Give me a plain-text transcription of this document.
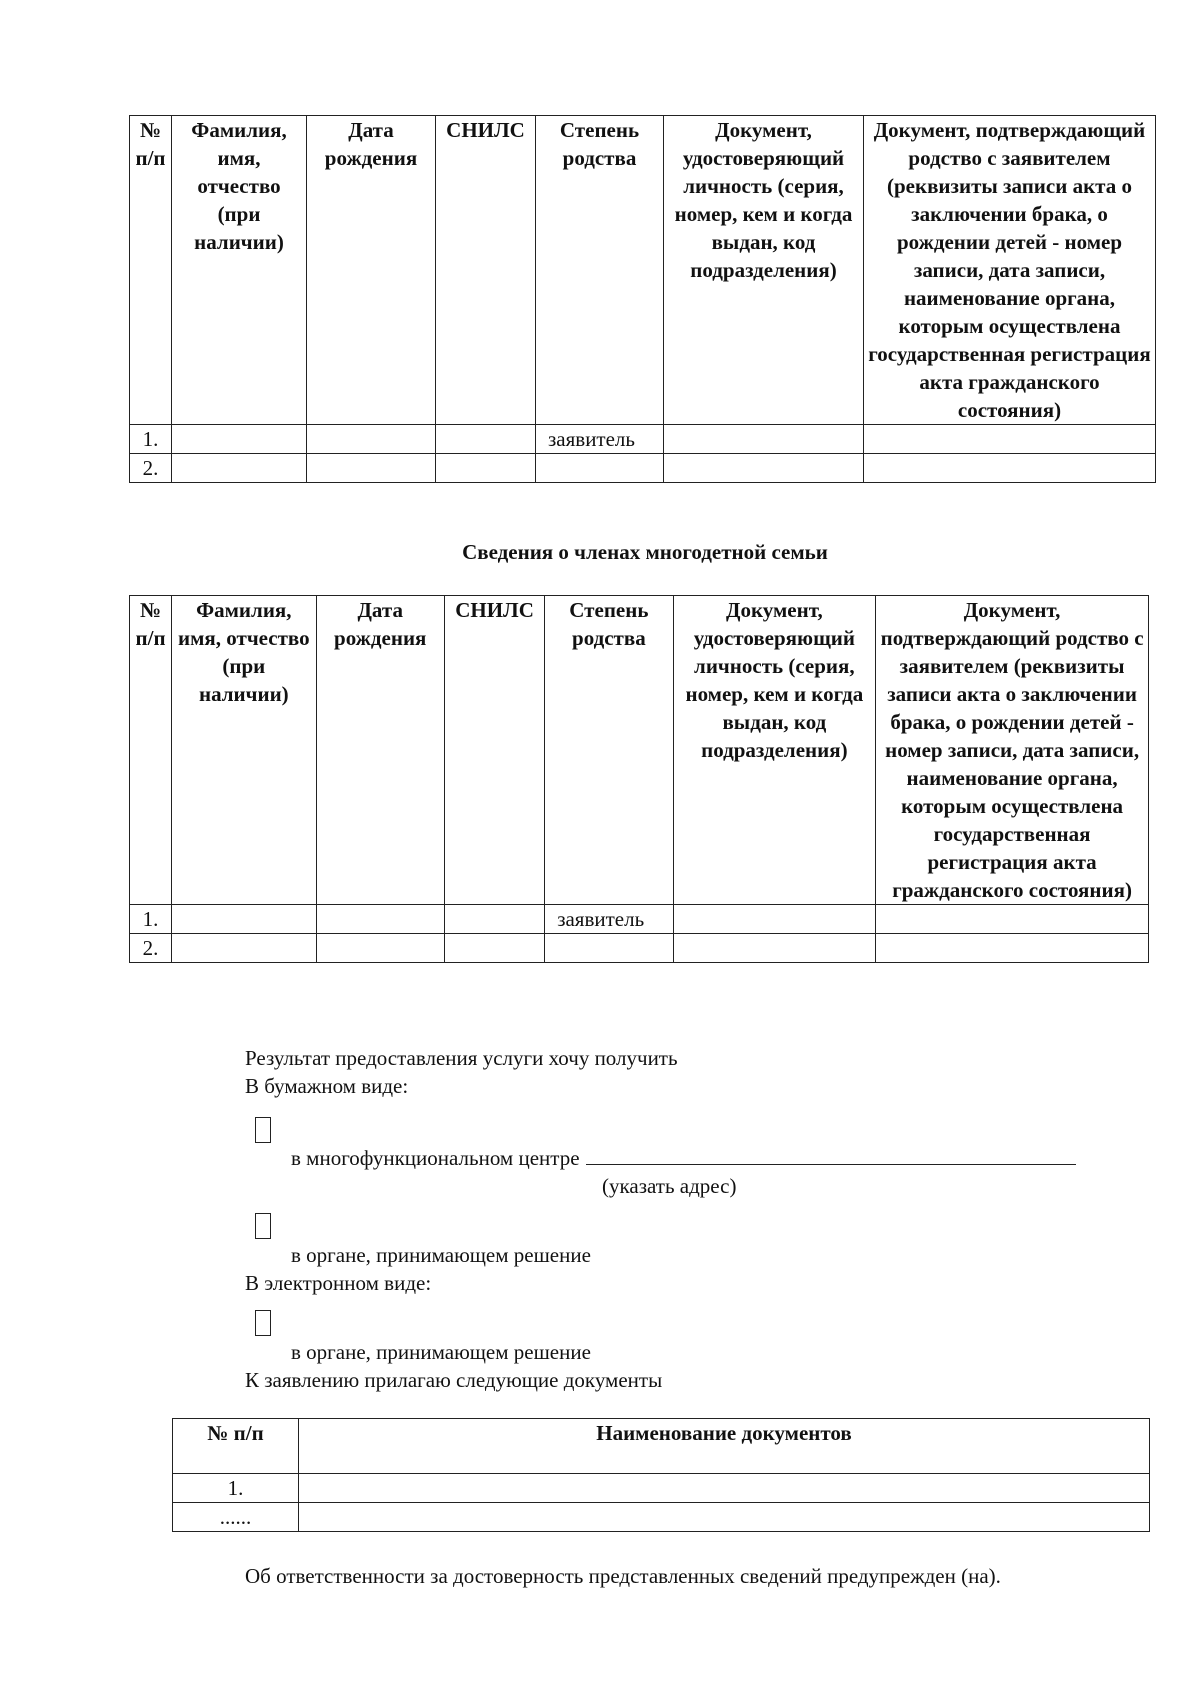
№ п/п	Фамилия, имя, отчество (при наличии)	Дата рождения	СНИЛС	Степень родства	Документ, удостоверяющий личность (серия, номер, кем и когда выдан, код подразделения)	Документ, подтверждающий родство с заявителем (реквизиты записи акта о заключении брака, о рождении детей - номер записи, дата записи, наименование органа, которым осуществлена государственная регистрация акта гражданского состояния)
1.				заявитель		
2.						
Сведения о членах многодетной семьи
№ п/п	Фамилия, имя, отчество (при наличии)	Дата рождения	СНИЛС	Степень родства	Документ, удостоверяющий личность (серия, номер, кем и когда выдан, код подразделения)	Документ, подтверждающий родство с заявителем (реквизиты записи акта о заключении брака, о рождении детей - номер записи, дата записи, наименование органа, которым осуществлена государственная регистрация акта гражданского состояния)
1.				заявитель		
2.						
Результат предоставления услуги хочу получить
В бумажном виде:
в многофункциональном центре
(указать адрес)
в органе, принимающем решение
В электронном виде:
в органе, принимающем решение
К заявлению прилагаю следующие документы
№ п/п	Наименование документов
1.	
......	
Об ответственности за достоверность представленных сведений предупрежден (на).
